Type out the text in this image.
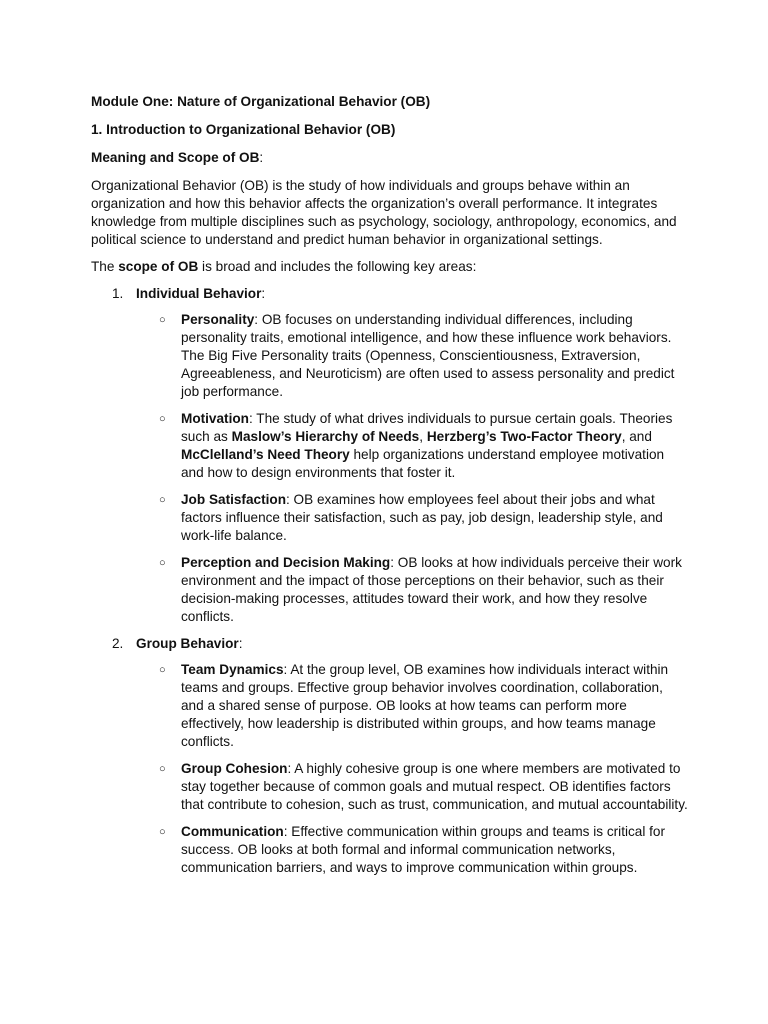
Module One: Nature of Organizational Behavior (OB)

1. Introduction to Organizational Behavior (OB)

Meaning and Scope of OB:

Organizational Behavior (OB) is the study of how individuals and groups behave within an organization and how this behavior affects the organization’s overall performance. It integrates knowledge from multiple disciplines such as psychology, sociology, anthropology, economics, and political science to understand and predict human behavior in organizational settings.

The scope of OB is broad and includes the following key areas:

1. Individual Behavior:

○
Personality: OB focuses on understanding individual differences, including personality traits, emotional intelligence, and how these influence work behaviors. The Big Five Personality traits (Openness, Conscientiousness, Extraversion, Agreeableness, and Neuroticism) are often used to assess personality and predict job performance.
○
Motivation: The study of what drives individuals to pursue certain goals. Theories such as Maslow’s Hierarchy of Needs, Herzberg’s Two-Factor Theory, and McClelland’s Need Theory help organizations understand employee motivation and how to design environments that foster it.
○
Job Satisfaction: OB examines how employees feel about their jobs and what factors influence their satisfaction, such as pay, job design, leadership style, and work-life balance.
○
Perception and Decision Making: OB looks at how individuals perceive their work environment and the impact of those perceptions on their behavior, such as their decision-making processes, attitudes toward their work, and how they resolve conflicts.
2. Group Behavior:

○
Team Dynamics: At the group level, OB examines how individuals interact within teams and groups. Effective group behavior involves coordination, collaboration, and a shared sense of purpose. OB looks at how teams can perform more effectively, how leadership is distributed within groups, and how teams manage conflicts.
○
Group Cohesion: A highly cohesive group is one where members are motivated to stay together because of common goals and mutual respect. OB identifies factors that contribute to cohesion, such as trust, communication, and mutual accountability.
○
Communication: Effective communication within groups and teams is critical for success. OB looks at both formal and informal communication networks, communication barriers, and ways to improve communication within groups.
